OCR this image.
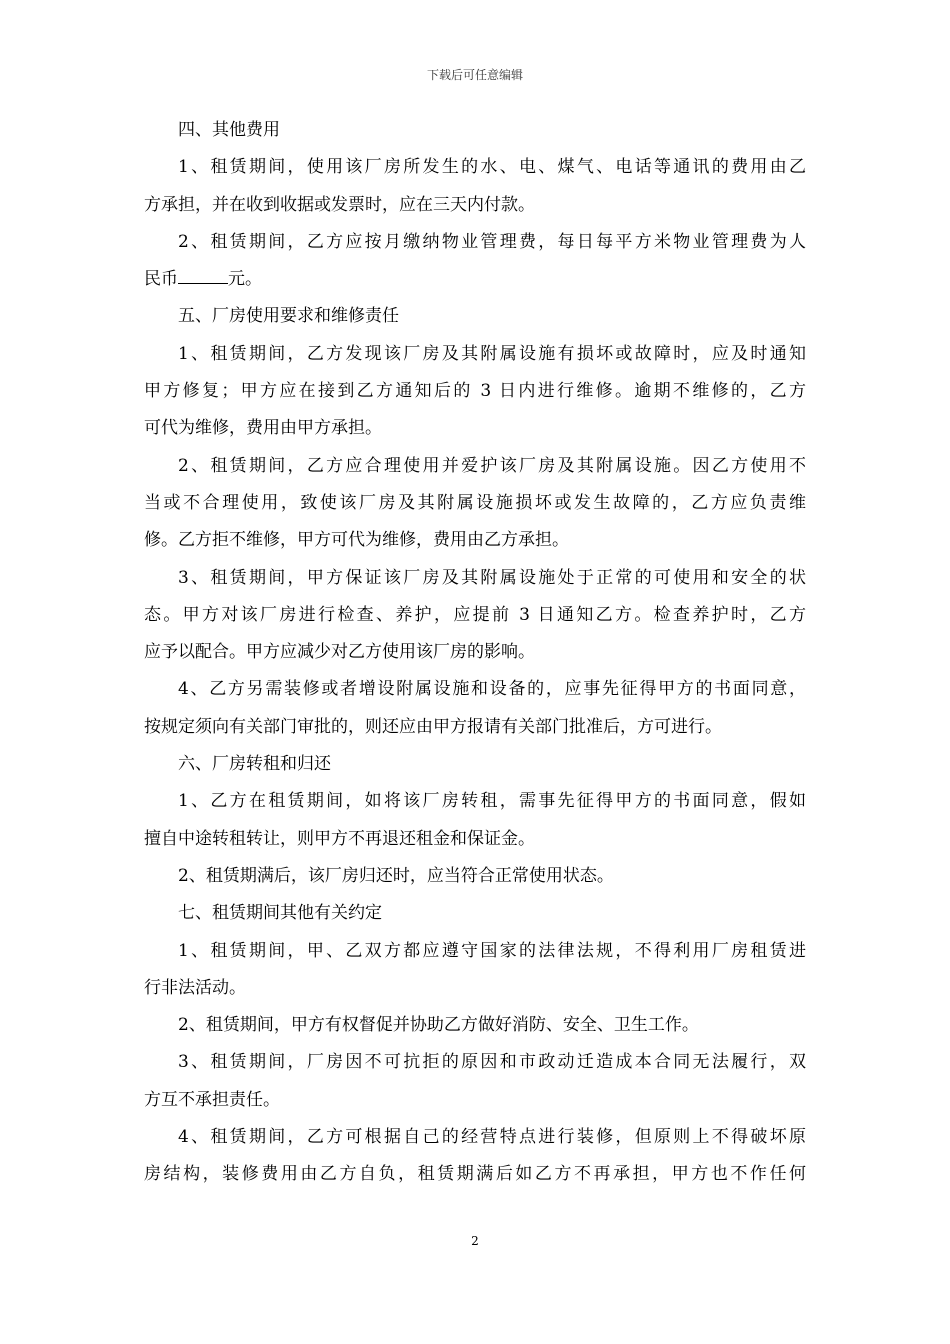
下载后可任意编辑
四、其他费用
1、租赁期间，使用该厂房所发生的水、电、煤气、电话等通讯的费用由乙
方承担，并在收到收据或发票时，应在三天内付款。
2、租赁期间，乙方应按月缴纳物业管理费，每日每平方米物业管理费为人
民币	元。
五、厂房使用要求和维修责任
1、租赁期间，乙方发现该厂房及其附属设施有损坏或故障时，应及时通知
甲方修复；甲方应在接到乙方通知后的 3 日内进行维修。逾期不维修的，乙方
可代为维修，费用由甲方承担。
2、租赁期间，乙方应合理使用并爱护该厂房及其附属设施。因乙方使用不
当或不合理使用，致使该厂房及其附属设施损坏或发生故障的，乙方应负责维
修。乙方拒不维修，甲方可代为维修，费用由乙方承担。
3、租赁期间，甲方保证该厂房及其附属设施处于正常的可使用和安全的状
态。甲方对该厂房进行检查、养护，应提前 3 日通知乙方。检查养护时，乙方
应予以配合。甲方应减少对乙方使用该厂房的影响。
4、乙方另需装修或者增设附属设施和设备的，应事先征得甲方的书面同意，
按规定须向有关部门审批的，则还应由甲方报请有关部门批准后，方可进行。
六、厂房转租和归还
1、乙方在租赁期间，如将该厂房转租，需事先征得甲方的书面同意，假如
擅自中途转租转让，则甲方不再退还租金和保证金。
2、租赁期满后，该厂房归还时，应当符合正常使用状态。
七、租赁期间其他有关约定
1、租赁期间，甲、乙双方都应遵守国家的法律法规，不得利用厂房租赁进
行非法活动。
2、租赁期间，甲方有权督促并协助乙方做好消防、安全、卫生工作。
3、租赁期间，厂房因不可抗拒的原因和市政动迁造成本合同无法履行，双
方互不承担责任。
4、租赁期间，乙方可根据自己的经营特点进行装修，但原则上不得破坏原
房结构，装修费用由乙方自负，租赁期满后如乙方不再承担，甲方也不作任何
2
